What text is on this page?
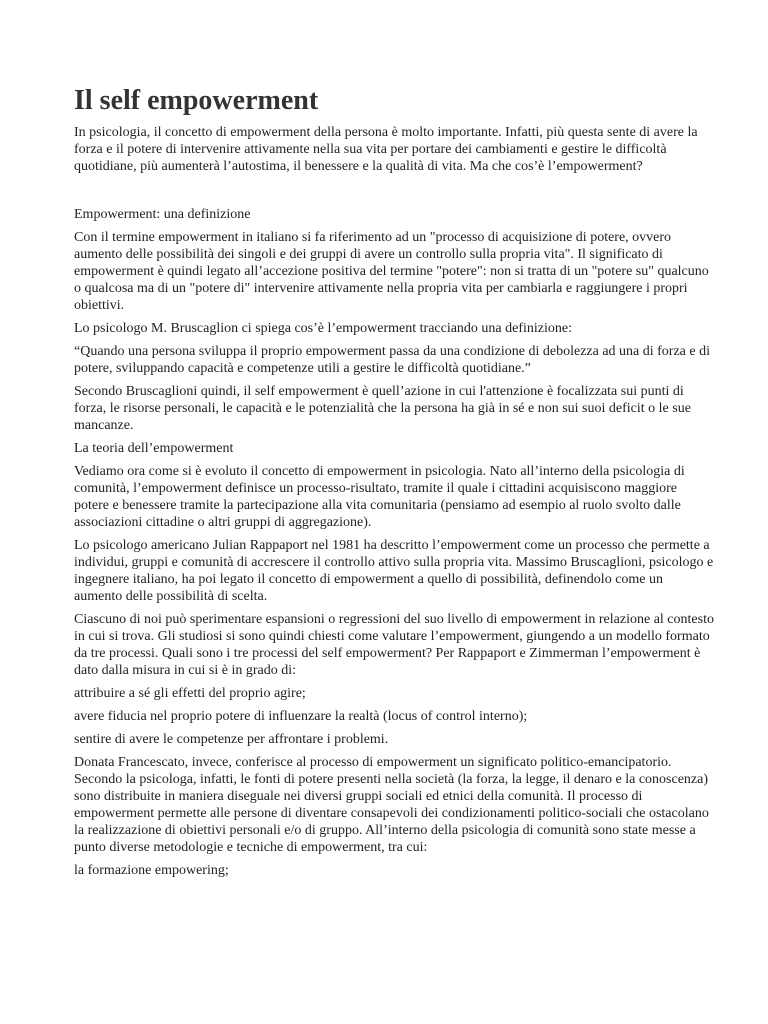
Il self empowerment

In psicologia, il concetto di empowerment della persona è molto importante. Infatti, più questa sente di avere la forza e il potere di intervenire attivamente nella sua vita per portare dei cambiamenti e gestire le difficoltà quotidiane, più aumenterà l’autostima, il benessere e la qualità di vita. Ma che cos’è l’empowerment?

Empowerment: una definizione

Con il termine empowerment in italiano si fa riferimento ad un "processo di acquisizione di potere, ovvero aumento delle possibilità dei singoli e dei gruppi di avere un controllo sulla propria vita". Il significato di empowerment è quindi legato all’accezione positiva del termine "potere": non si tratta di un "potere su" qualcuno o qualcosa ma di un "potere di" intervenire attivamente nella propria vita per cambiarla e raggiungere i propri obiettivi.

Lo psicologo M. Bruscaglion ci spiega cos’è l’empowerment tracciando una definizione:

“Quando una persona sviluppa il proprio empowerment passa da una condizione di debolezza ad una di forza e di potere, sviluppando capacità e competenze utili a gestire le difficoltà quotidiane.”

Secondo Bruscaglioni quindi, il self empowerment è quell’azione in cui l'attenzione è focalizzata sui punti di forza, le risorse personali, le capacità e le potenzialità che la persona ha già in sé e non sui suoi deficit o le sue mancanze.

La teoria dell’empowerment

Vediamo ora come si è evoluto il concetto di empowerment in psicologia. Nato all’interno della psicologia di comunità, l’empowerment definisce un processo-risultato, tramite il quale i cittadini acquisiscono maggiore potere e benessere tramite la partecipazione alla vita comunitaria (pensiamo ad esempio al ruolo svolto dalle associazioni cittadine o altri gruppi di aggregazione).

Lo psicologo americano Julian Rappaport nel 1981 ha descritto l’empowerment come un processo che permette a individui, gruppi e comunità di accrescere il controllo attivo sulla propria vita. Massimo Bruscaglioni, psicologo e ingegnere italiano, ha poi legato il concetto di empowerment a quello di possibilità, definendolo come un aumento delle possibilità di scelta.

Ciascuno di noi può sperimentare espansioni o regressioni del suo livello di empowerment in relazione al contesto in cui si trova. Gli studiosi si sono quindi chiesti come valutare l’empowerment, giungendo a un modello formato da tre processi. Quali sono i tre processi del self empowerment? Per Rappaport e Zimmerman l’empowerment è dato dalla misura in cui si è in grado di:

attribuire a sé gli effetti del proprio agire;

avere fiducia nel proprio potere di influenzare la realtà (locus of control interno);

sentire di avere le competenze per affrontare i problemi.

Donata Francescato, invece, conferisce al processo di empowerment un significato politico-emancipatorio. Secondo la psicologa, infatti, le fonti di potere presenti nella società (la forza, la legge, il denaro e la conoscenza) sono distribuite in maniera diseguale nei diversi gruppi sociali ed etnici della comunità. Il processo di empowerment permette alle persone di diventare consapevoli dei condizionamenti politico-sociali che ostacolano la realizzazione di obiettivi personali e/o di gruppo. All’interno della psicologia di comunità sono state messe a punto diverse metodologie e tecniche di empowerment, tra cui:

la formazione empowering;
